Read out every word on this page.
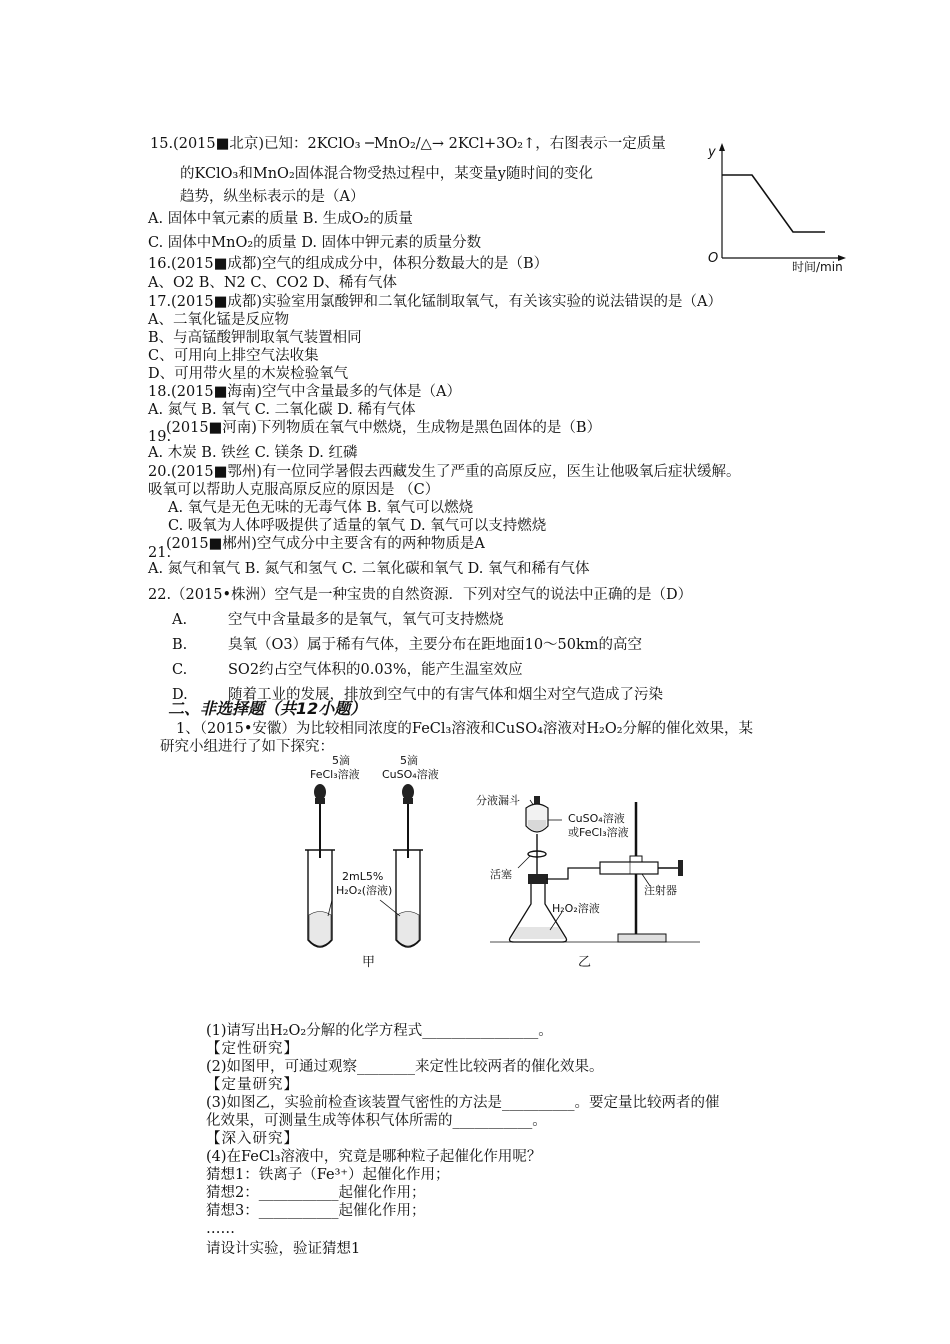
15.(2015■北京)已知：2KClO₃ ─MnO₂/△→ 2KCl+3O₂↑，右图表示一定质量
的KClO₃和MnO₂固体混合物受热过程中，某变量y随时间的变化
趋势，纵坐标表示的是（A）
A. 固体中氧元素的质量 B. 生成O₂的质量
C. 固体中MnO₂的质量 D. 固体中钾元素的质量分数
y
O
时间/min
16.(2015■成都)空气的组成成分中，体积分数最大的是（B）
A、O2 B、N2 C、CO2 D、稀有气体
17.(2015■成都)实验室用氯酸钾和二氧化锰制取氧气，有关该实验的说法错误的是（A）
A、二氧化锰是反应物
B、与高锰酸钾制取氧气装置相同
C、可用向上排空气法收集
D、可用带火星的木炭检验氧气
18.(2015■海南)空气中含量最多的气体是（A）
A. 氮气 B. 氧气 C. 二氧化碳 D. 稀有气体
(2015■河南)下列物质在氧气中燃烧，生成物是黑色固体的是（B）
19.
A. 木炭 B. 铁丝 C. 镁条 D. 红磷
20.(2015■鄂州)有一位同学暑假去西藏发生了严重的高原反应，医生让他吸氧后症状缓解。
吸氧可以帮助人克服高原反应的原因是 （C）
A. 氧气是无色无味的无毒气体 B. 氧气可以燃烧
C. 吸氧为人体呼吸提供了适量的氧气 D. 氧气可以支持燃烧
(2015■郴州)空气成分中主要含有的两种物质是A
21.
A. 氮气和氧气 B. 氮气和氢气 C. 二氧化碳和氧气 D. 氧气和稀有气体
22.（2015•株洲）空气是一种宝贵的自然资源．下列对空气的说法中正确的是（D）
A.	空气中含量最多的是氧气，氧气可支持燃烧
B.	臭氧（O3）属于稀有气体，主要分布在距地面10～50km的高空
C.	SO2约占空气体积的0.03%，能产生温室效应
D.	随着工业的发展，排放到空气中的有害气体和烟尘对空气造成了污染
二、非选择题（共12小题）
1、（2015•安徽）为比较相同浓度的FeCl₃溶液和CuSO₄溶液对H₂O₂分解的催化效果，某
研究小组进行了如下探究：
5滴
FeCl₃溶液
5滴
CuSO₄溶液
2mL5%
H₂O₂(溶液)
甲
分液漏斗
CuSO₄溶液
或FeCl₃溶液
活塞
注射器
H₂O₂溶液
乙
(1)请写出H₂O₂分解的化学方程式________________。
【定性研究】
(2)如图甲，可通过观察________来定性比较两者的催化效果。
【定量研究】
(3)如图乙，实验前检查该装置气密性的方法是__________。要定量比较两者的催
化效果，可测量生成等体积气体所需的___________。
【深入研究】
(4)在FeCl₃溶液中，究竟是哪种粒子起催化作用呢？
猜想1：铁离子（Fe³⁺）起催化作用；
猜想2：___________起催化作用；
猜想3：___________起催化作用；
……
请设计实验，验证猜想1
